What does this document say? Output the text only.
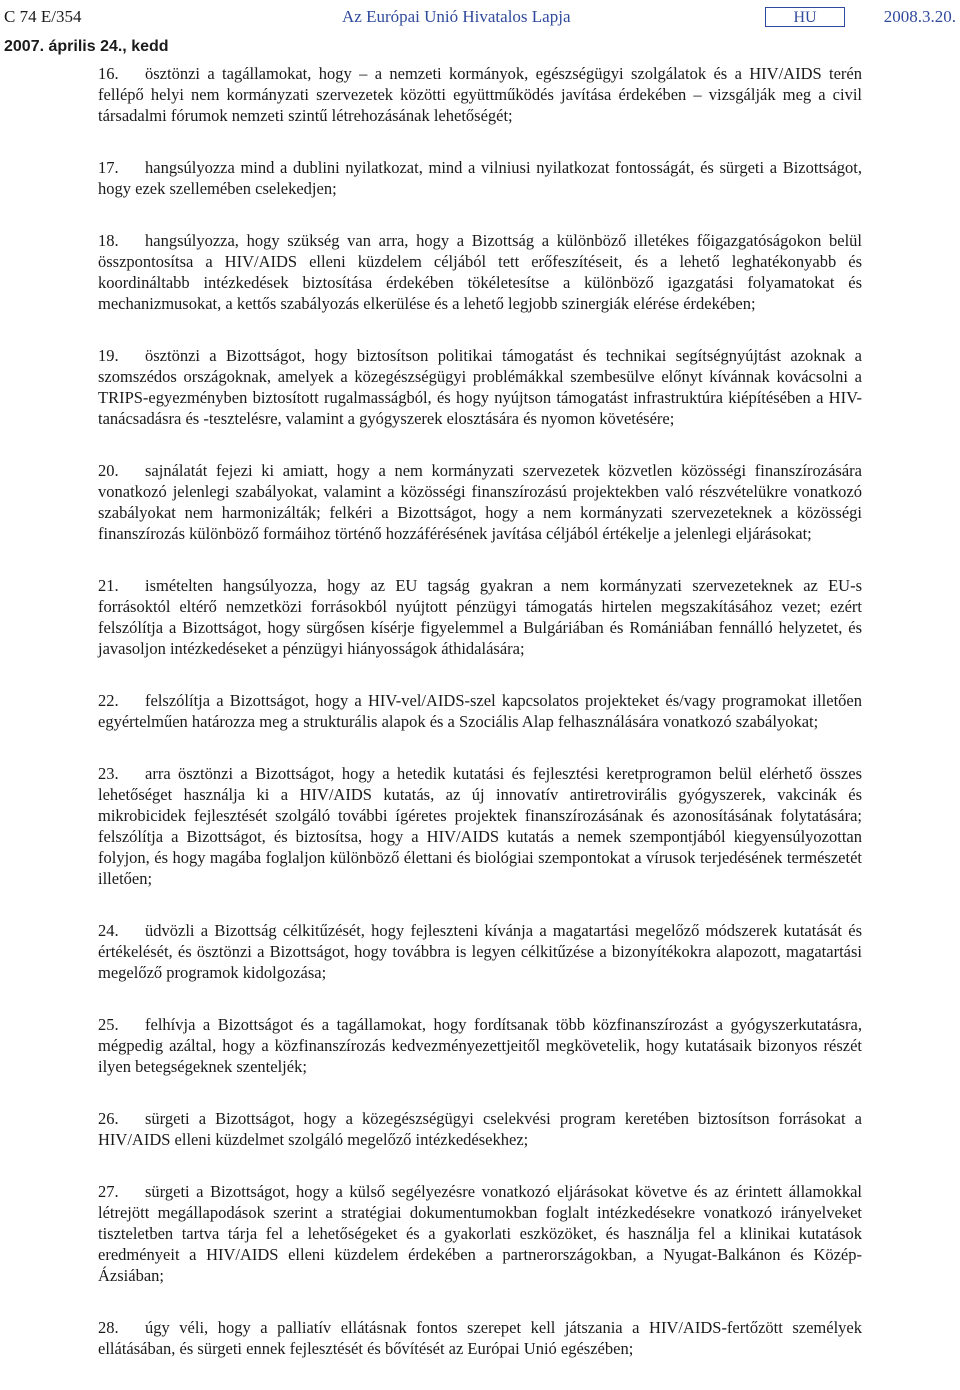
C 74 E/354	Az Európai Unió Hivatalos Lapja	HU	2008.3.20.
2007. április 24., kedd

16. ösztönzi a tagállamokat, hogy – a nemzeti kormányok, egészségügyi szolgálatok és a HIV/AIDS terén fellépő helyi nem kormányzati szervezetek közötti együttműködés javítása érdekében – vizsgálják meg a civil társadalmi fórumok nemzeti szintű létrehozásának lehetőségét;

17. hangsúlyozza mind a dublini nyilatkozat, mind a vilniusi nyilatkozat fontosságát, és sürgeti a Bizottságot, hogy ezek szellemében cselekedjen;

18. hangsúlyozza, hogy szükség van arra, hogy a Bizottság a különböző illetékes főigazgatóságokon belül összpontosítsa a HIV/AIDS elleni küzdelem céljából tett erőfeszítéseit, és a lehető leghatékonyabb és koordináltabb intézkedések biztosítása érdekében tökéletesítse a különböző igazgatási folyamatokat és mechanizmusokat, a kettős szabályozás elkerülése és a lehető legjobb szinergiák elérése érdekében;

19. ösztönzi a Bizottságot, hogy biztosítson politikai támogatást és technikai segítségnyújtást azoknak a szomszédos országoknak, amelyek a közegészségügyi problémákkal szembesülve előnyt kívánnak kovácsolni a TRIPS-egyezményben biztosított rugalmasságból, és hogy nyújtson támogatást infrastruktúra kiépítésében a HIV-tanácsadásra és -tesztelésre, valamint a gyógyszerek elosztására és nyomon követésére;

20. sajnálatát fejezi ki amiatt, hogy a nem kormányzati szervezetek közvetlen közösségi finanszírozására vonatkozó jelenlegi szabályokat, valamint a közösségi finanszírozású projektekben való részvételükre vonatkozó szabályokat nem harmonizálták; felkéri a Bizottságot, hogy a nem kormányzati szervezeteknek a közösségi finanszírozás különböző formáihoz történő hozzáférésének javítása céljából értékelje a jelenlegi eljárásokat;

21. ismételten hangsúlyozza, hogy az EU tagság gyakran a nem kormányzati szervezeteknek az EU-s forrásoktól eltérő nemzetközi forrásokból nyújtott pénzügyi támogatás hirtelen megszakításához vezet; ezért felszólítja a Bizottságot, hogy sürgősen kísérje figyelemmel a Bulgáriában és Romániában fennálló helyzetet, és javasoljon intézkedéseket a pénzügyi hiányosságok áthidalására;

22. felszólítja a Bizottságot, hogy a HIV-vel/AIDS-szel kapcsolatos projekteket és/vagy programokat illetően egyértelműen határozza meg a strukturális alapok és a Szociális Alap felhasználására vonatkozó szabályokat;

23. arra ösztönzi a Bizottságot, hogy a hetedik kutatási és fejlesztési keretprogramon belül elérhető összes lehetőséget használja ki a HIV/AIDS kutatás, az új innovatív antiretrovirális gyógyszerek, vakcinák és mikrobicidek fejlesztését szolgáló további ígéretes projektek finanszírozásának és azonosításának folytatására; felszólítja a Bizottságot, és biztosítsa, hogy a HIV/AIDS kutatás a nemek szempontjából kiegyensúlyozottan folyjon, és hogy magába foglaljon különböző élettani és biológiai szempontokat a vírusok terjedésének természetét illetően;

24. üdvözli a Bizottság célkitűzését, hogy fejleszteni kívánja a magatartási megelőző módszerek kutatását és értékelését, és ösztönzi a Bizottságot, hogy továbbra is legyen célkitűzése a bizonyítékokra alapozott, magatartási megelőző programok kidolgozása;

25. felhívja a Bizottságot és a tagállamokat, hogy fordítsanak több közfinanszírozást a gyógyszerkutatásra, mégpedig azáltal, hogy a közfinanszírozás kedvezményezettjeitől megkövetelik, hogy kutatásaik bizonyos részét ilyen betegségeknek szenteljék;

26. sürgeti a Bizottságot, hogy a közegészségügyi cselekvési program keretében biztosítson forrásokat a HIV/AIDS elleni küzdelmet szolgáló megelőző intézkedésekhez;

27. sürgeti a Bizottságot, hogy a külső segélyezésre vonatkozó eljárásokat követve és az érintett államokkal létrejött megállapodások szerint a stratégiai dokumentumokban foglalt intézkedésekre vonatkozó irányelveket tiszteletben tartva tárja fel a lehetőségeket és a gyakorlati eszközöket, és használja fel a klinikai kutatások eredményeit a HIV/AIDS elleni küzdelem érdekében a partnerországokban, a Nyugat-Balkánon és Közép-Ázsiában;

28. úgy véli, hogy a palliatív ellátásnak fontos szerepet kell játszania a HIV/AIDS-fertőzött személyek ellátásában, és sürgeti ennek fejlesztését és bővítését az Európai Unió egészében;
